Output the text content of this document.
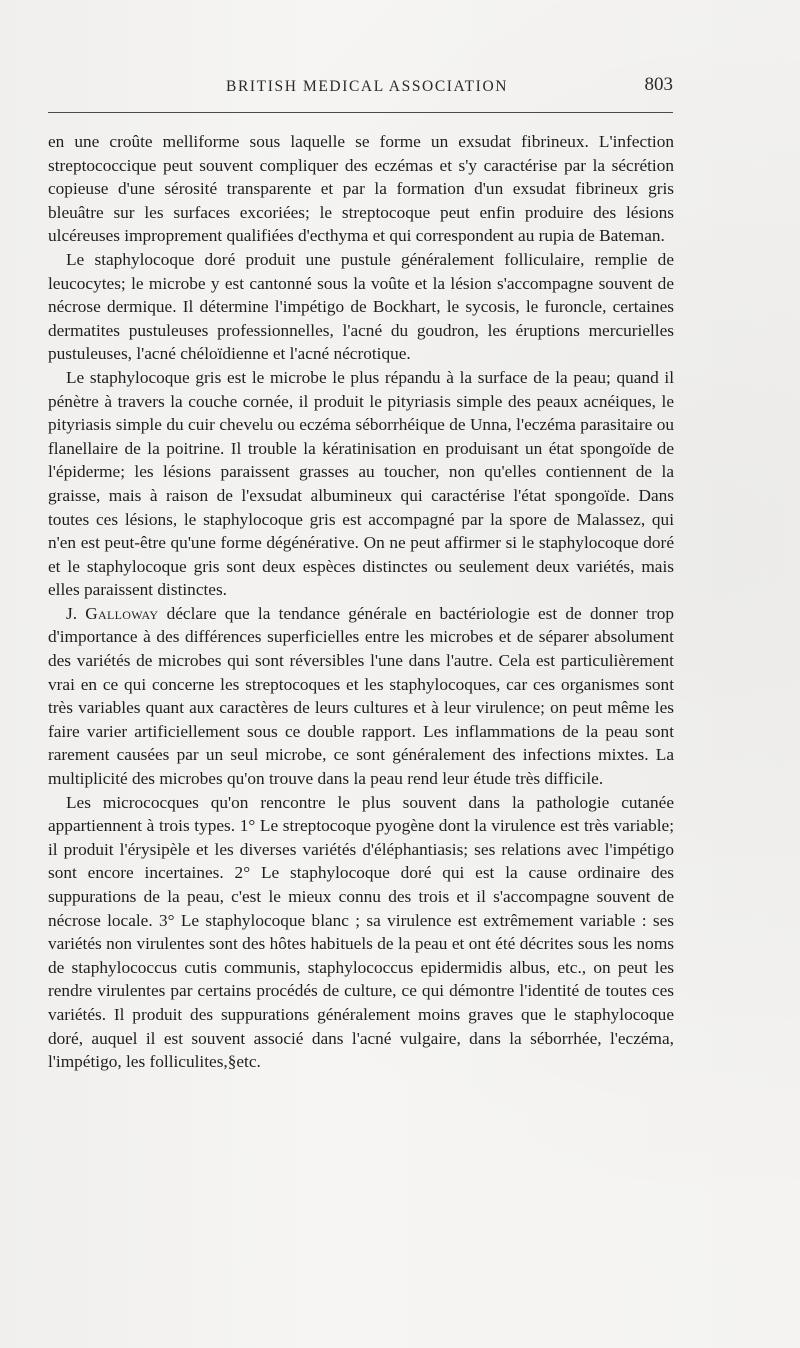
BRITISH MEDICAL ASSOCIATION	803

en une croûte melliforme sous laquelle se forme un exsudat fibrineux. L'infection streptococcique peut souvent compliquer des eczémas et s'y caractérise par la sécrétion copieuse d'une sérosité transparente et par la formation d'un exsudat fibrineux gris bleuâtre sur les surfaces excoriées; le streptocoque peut enfin produire des lésions ulcéreuses improprement qualifiées d'ecthyma et qui correspondent au rupia de Bateman.

Le staphylocoque doré produit une pustule généralement folliculaire, remplie de leucocytes; le microbe y est cantonné sous la voûte et la lésion s'accompagne souvent de nécrose dermique. Il détermine l'impétigo de Bockhart, le sycosis, le furoncle, certaines dermatites pustuleuses professionnelles, l'acné du goudron, les éruptions mercurielles pustuleuses, l'acné chéloïdienne et l'acné nécrotique.

Le staphylocoque gris est le microbe le plus répandu à la surface de la peau; quand il pénètre à travers la couche cornée, il produit le pityriasis simple des peaux acnéiques, le pityriasis simple du cuir chevelu ou eczéma séborrhéique de Unna, l'eczéma parasitaire ou flanellaire de la poitrine. Il trouble la kératinisation en produisant un état spongoïde de l'épiderme; les lésions paraissent grasses au toucher, non qu'elles contiennent de la graisse, mais à raison de l'exsudat albumineux qui caractérise l'état spongoïde. Dans toutes ces lésions, le staphylocoque gris est accompagné par la spore de Malassez, qui n'en est peut-être qu'une forme dégénérative. On ne peut affirmer si le staphylocoque doré et le staphylocoque gris sont deux espèces distinctes ou seulement deux variétés, mais elles paraissent distinctes.

J. Galloway déclare que la tendance générale en bactériologie est de donner trop d'importance à des différences superficielles entre les microbes et de séparer absolument des variétés de microbes qui sont réversibles l'une dans l'autre. Cela est particulièrement vrai en ce qui concerne les streptocoques et les staphylocoques, car ces organismes sont très variables quant aux caractères de leurs cultures et à leur virulence; on peut même les faire varier artificiellement sous ce double rapport. Les inflammations de la peau sont rarement causées par un seul microbe, ce sont généralement des infections mixtes. La multiplicité des microbes qu'on trouve dans la peau rend leur étude très difficile.

Les micrococques qu'on rencontre le plus souvent dans la pathologie cutanée appartiennent à trois types. 1° Le streptocoque pyogène dont la virulence est très variable; il produit l'érysipèle et les diverses variétés d'éléphantiasis; ses relations avec l'impétigo sont encore incertaines. 2° Le staphylocoque doré qui est la cause ordinaire des suppurations de la peau, c'est le mieux connu des trois et il s'accompagne souvent de nécrose locale. 3° Le staphylocoque blanc ; sa virulence est extrêmement variable : ses variétés non virulentes sont des hôtes habituels de la peau et ont été décrites sous les noms de staphylococcus cutis communis, staphylococcus epidermidis albus, etc., on peut les rendre virulentes par certains procédés de culture, ce qui démontre l'identité de toutes ces variétés. Il produit des suppurations généralement moins graves que le staphylocoque doré, auquel il est souvent associé dans l'acné vulgaire, dans la séborrhée, l'eczéma, l'impétigo, les folliculites,§etc.
